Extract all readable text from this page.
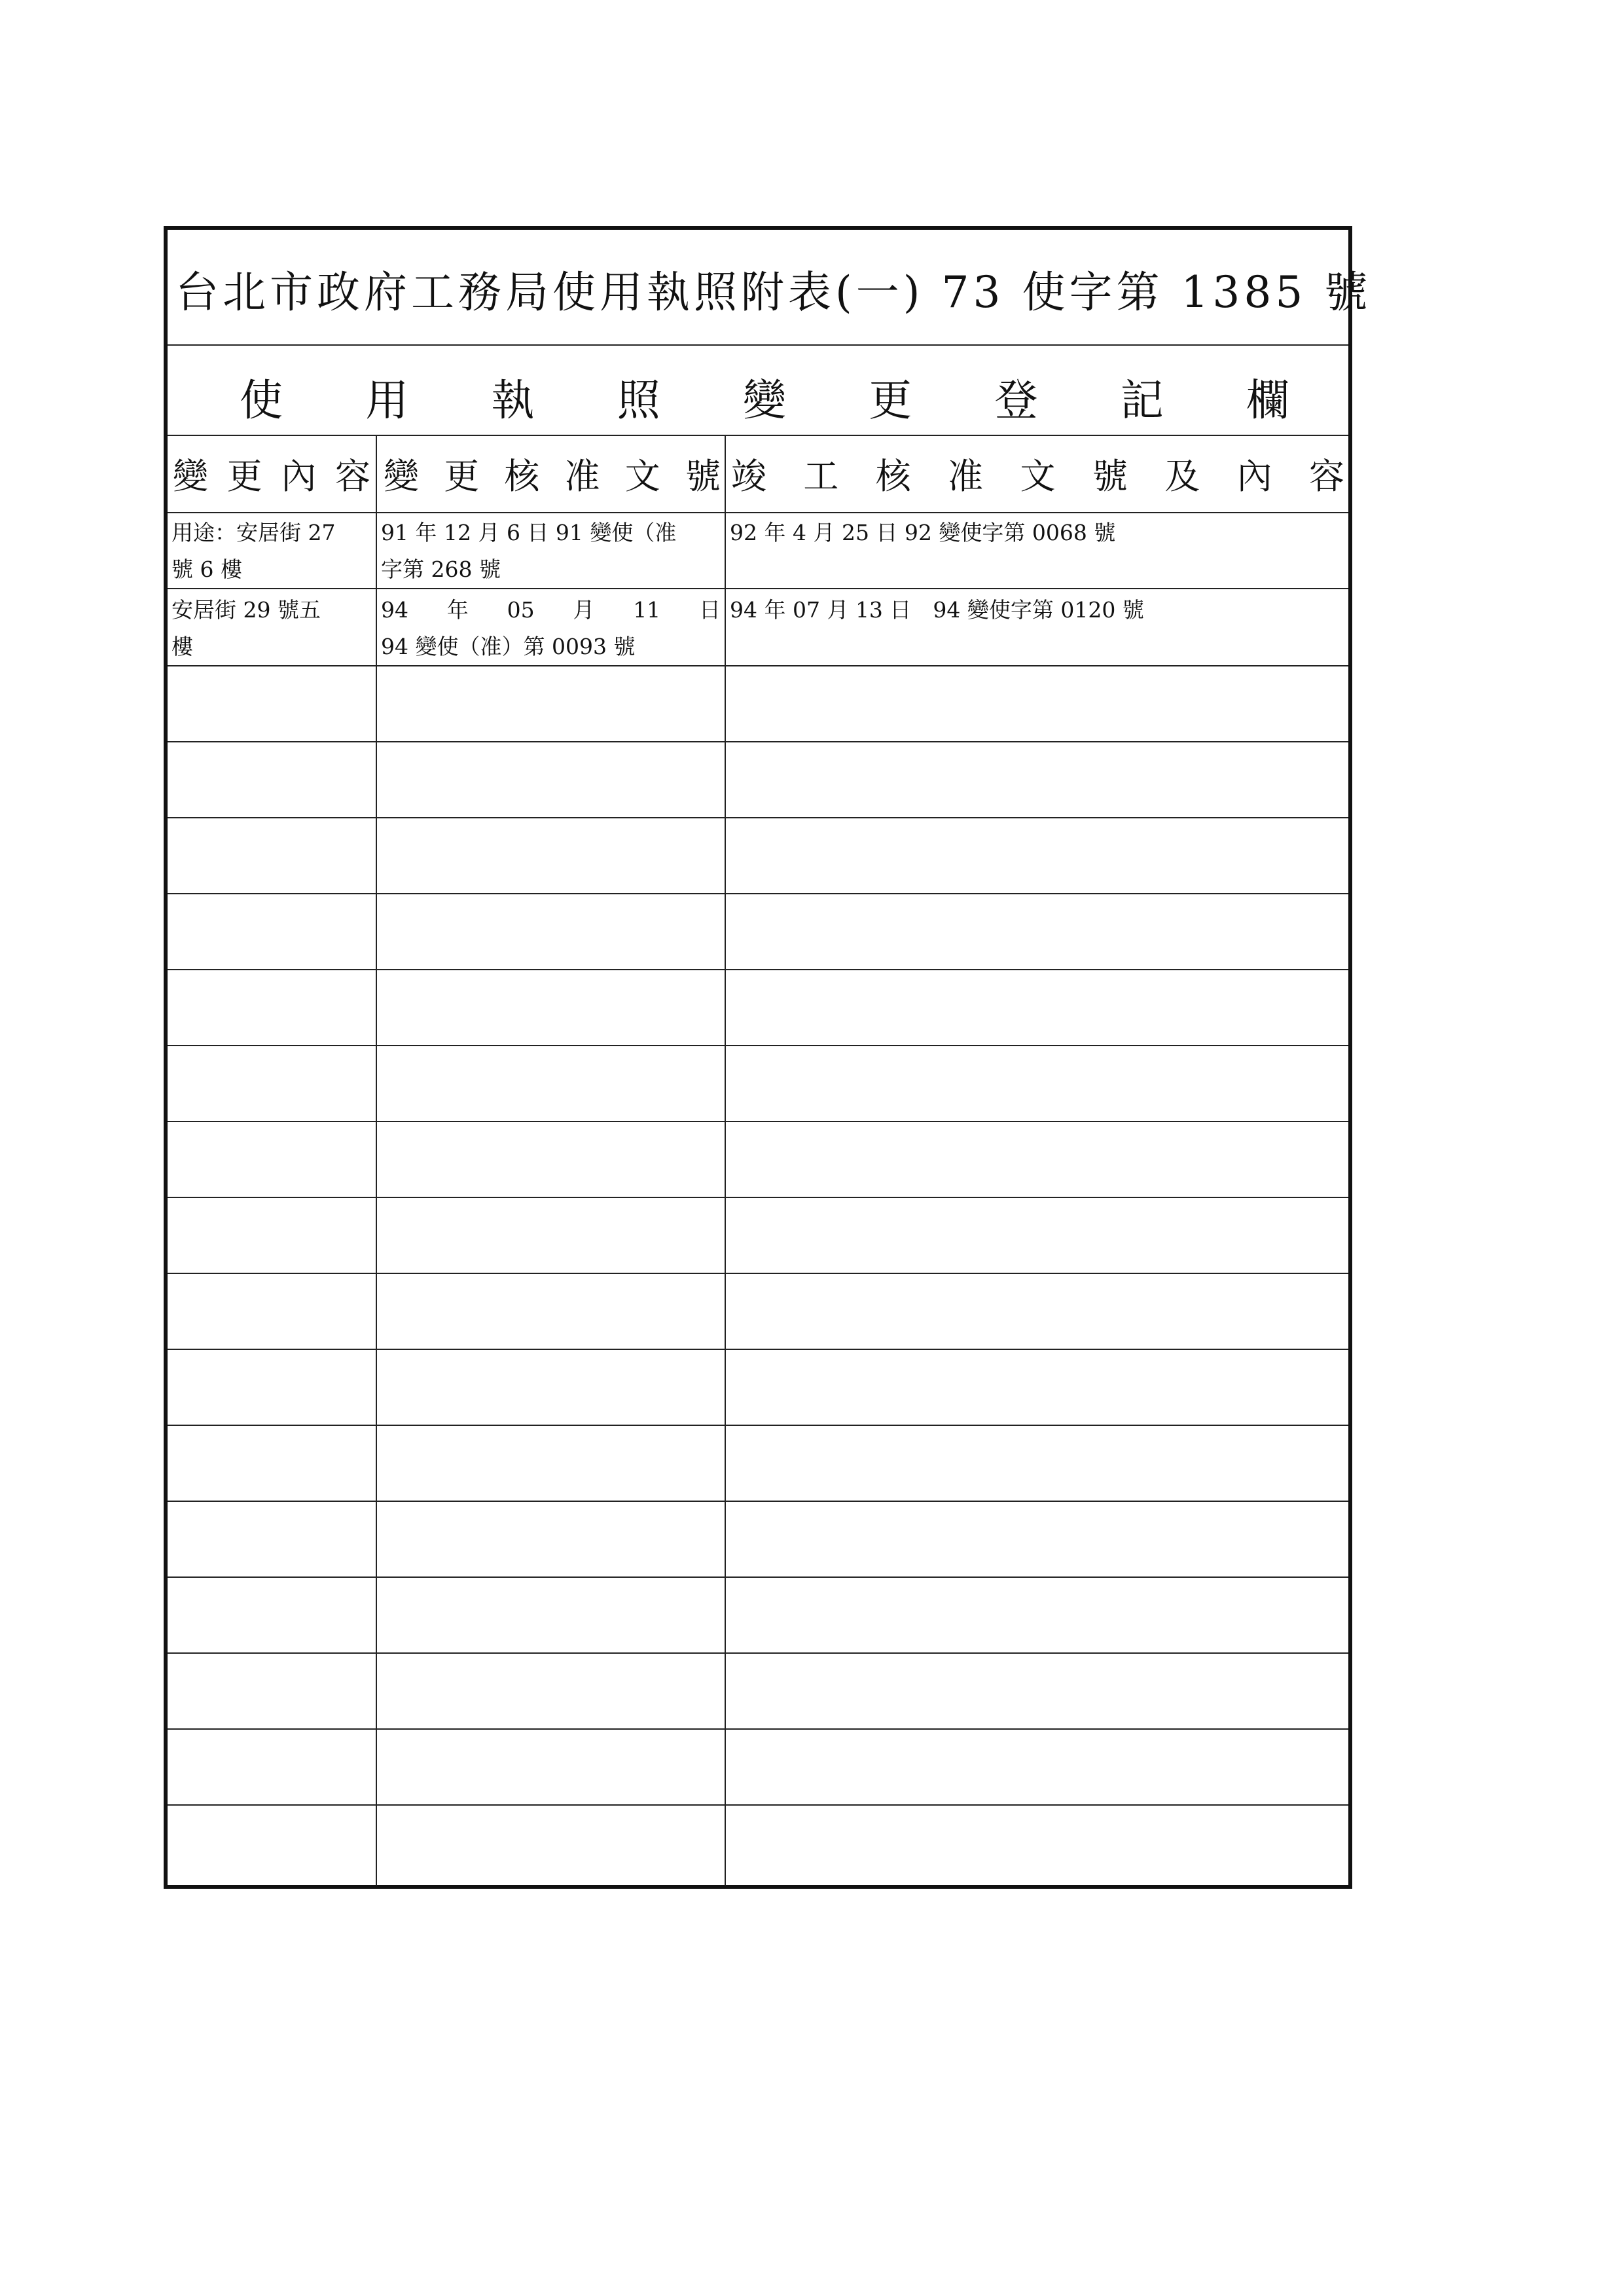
台北市政府工務局使用執照附表(一) 73 使字第 1385 號
使 用 執 照 變 更 登 記 欄
變 更 內 容 變 更 核 准 文 號 竣 工 核 准 文 號 及 內 容
用途：安居街 27
號 6 樓
91 年 12 月 6 日 91 變使（准
字第 268 號
92 年 4 月 25 日 92 變使字第 0068 號
安居街 29 號五
樓
94 年 05 月 11 日
94 變使（准）第 0093 號
94 年 07 月 13 日　94 變使字第 0120 號
